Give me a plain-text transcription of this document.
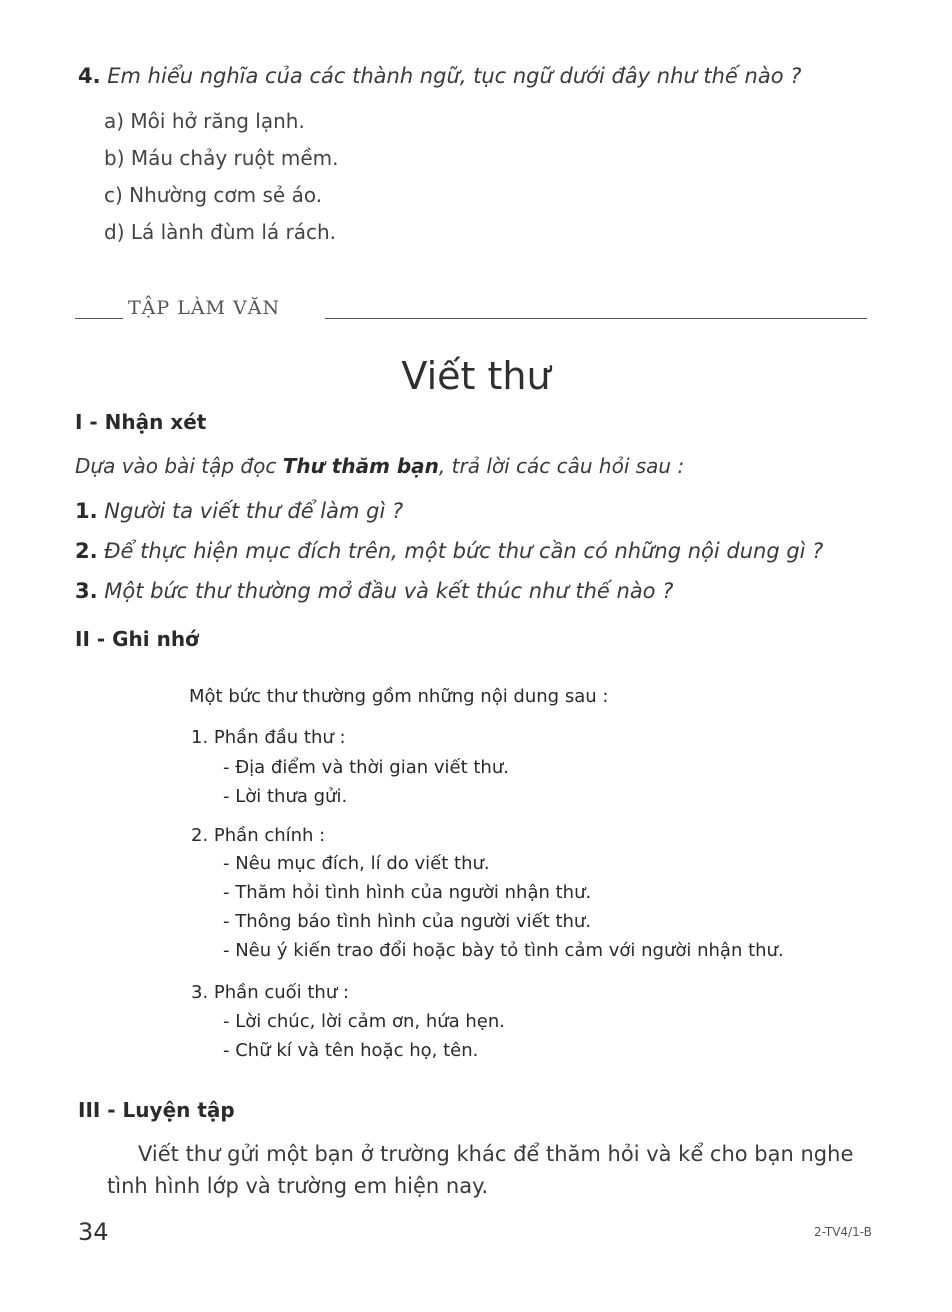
4. Em hiểu nghĩa của các thành ngữ, tục ngữ dưới đây như thế nào ?
a) Môi hở răng lạnh.
b) Máu chảy ruột mềm.
c) Nhường cơm sẻ áo.
d) Lá lành đùm lá rách.
TẬP LÀM VĂN
Viết thư
I - Nhận xét
Dựa vào bài tập đọc Thư thăm bạn, trả lời các câu hỏi sau :
1. Người ta viết thư để làm gì ?
2. Để thực hiện mục đích trên, một bức thư cần có những nội dung gì ?
3. Một bức thư thường mở đầu và kết thúc như thế nào ?
II - Ghi nhớ
Một bức thư thường gồm những nội dung sau :
1. Phần đầu thư :
- Địa điểm và thời gian viết thư.
- Lời thưa gửi.
2. Phần chính :
- Nêu mục đích, lí do viết thư.
- Thăm hỏi tình hình của người nhận thư.
- Thông báo tình hình của người viết thư.
- Nêu ý kiến trao đổi hoặc bày tỏ tình cảm với người nhận thư.
3. Phần cuối thư :
- Lời chúc, lời cảm ơn, hứa hẹn.
- Chữ kí và tên hoặc họ, tên.
III - Luyện tập
Viết thư gửi một bạn ở trường khác để thăm hỏi và kể cho bạn nghe
tình hình lớp và trường em hiện nay.
34	2-TV4/1-B
